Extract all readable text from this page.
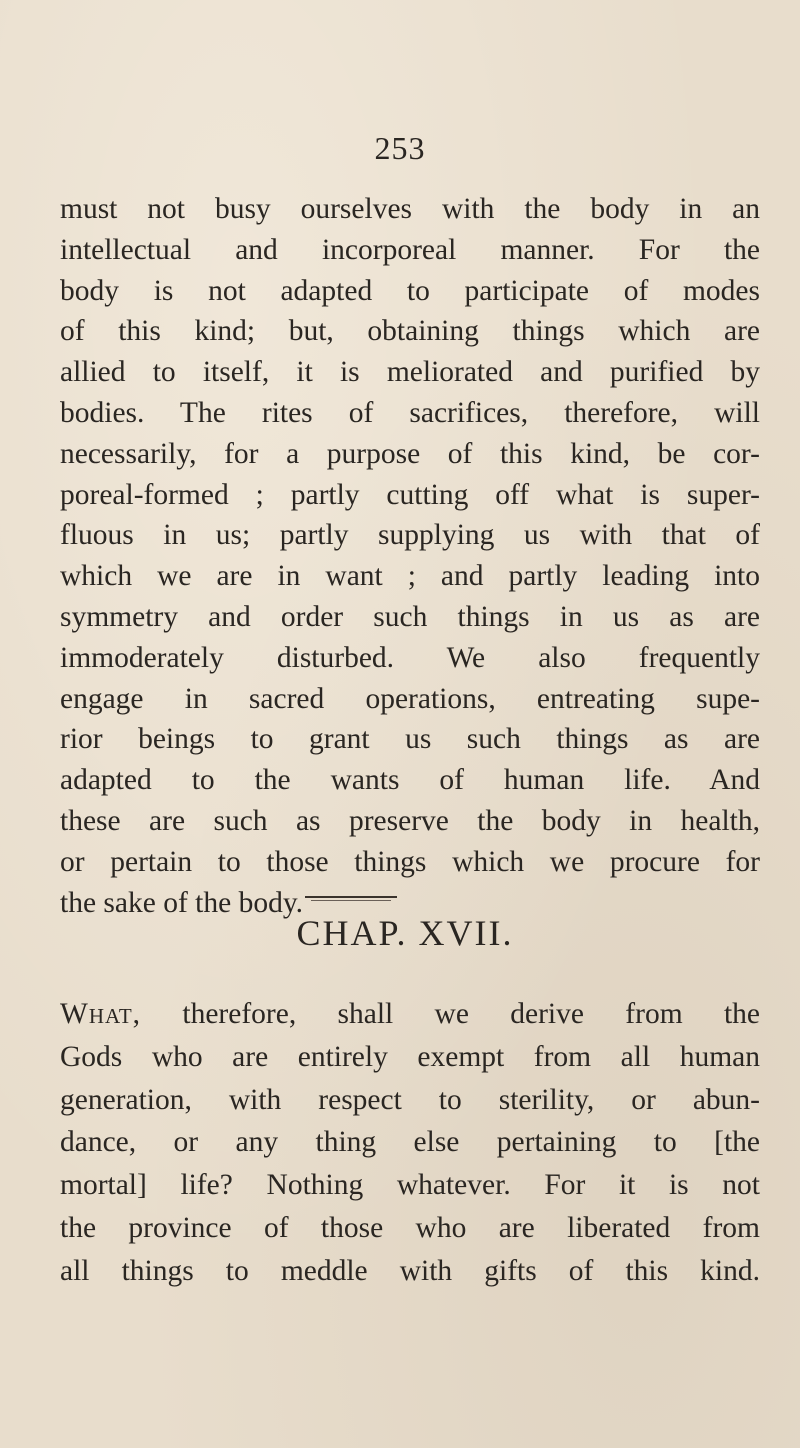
253
must not busy ourselves with the body in an
intellectual and incorporeal manner. For the
body is not adapted to participate of modes
of this kind; but, obtaining things which are
allied to itself, it is meliorated and purified by
bodies. The rites of sacrifices, therefore, will
necessarily, for a purpose of this kind, be cor-
poreal-formed ; partly cutting off what is super-
fluous in us; partly supplying us with that of
which we are in want ; and partly leading into
symmetry and order such things in us as are
immoderately disturbed. We also frequently
engage in sacred operations, entreating supe-
rior beings to grant us such things as are
adapted to the wants of human life. And
these are such as preserve the body in health,
or pertain to those things which we procure for
the sake of the body.
CHAP. XVII.
What, therefore, shall we derive from the
Gods who are entirely exempt from all human
generation, with respect to sterility, or abun-
dance, or any thing else pertaining to [the
mortal] life? Nothing whatever. For it is not
the province of those who are liberated from
all things to meddle with gifts of this kind.
